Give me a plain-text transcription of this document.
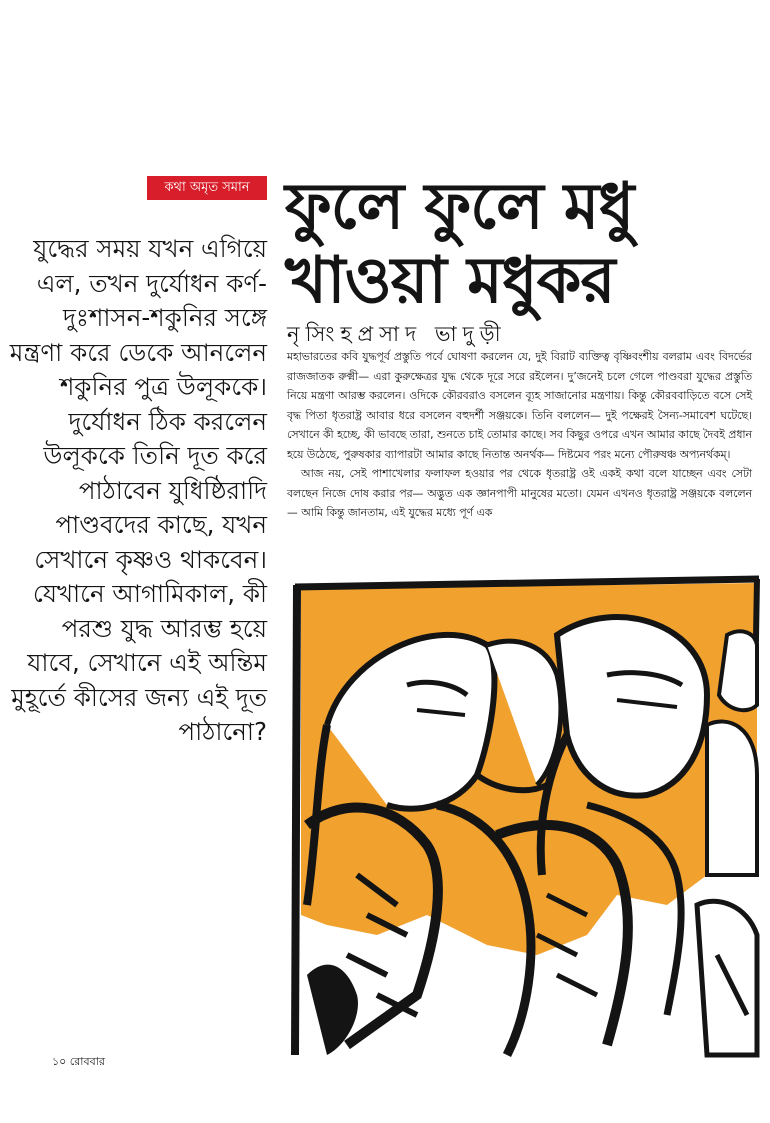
কথা অমৃত সমান ফুলে ফুলে মধু
খাওয়া মধুকর
নৃসিংহপ্রসাদ ভাদুড়ী

যুদ্ধের সময় যখন এগিয়ে এল, তখন দুর্যোধন কর্ণ-দুঃশাসন-শকুনির সঙ্গে মন্ত্রণা করে ডেকে আনলেন শকুনির পুত্র উলূককে। দুর্যোধন ঠিক করলেন উলূককে তিনি দূত করে পাঠাবেন যুধিষ্ঠিরাদি পাণ্ডবদের কাছে, যখন সেখানে কৃষ্ণও থাকবেন। যেখানে আগামিকাল, কী পরশু যুদ্ধ আরম্ভ হয়ে যাবে, সেখানে এই অন্তিম মুহূর্তে কীসের জন্য এই দূত পাঠানো?

মহাভারতের কবি যুদ্ধপূর্ব প্রস্তুতি পর্বে ঘোষণা করলেন যে, দুই বিরাট ব্যক্তিত্ব বৃষ্ণিবংশীয় বলরাম এবং বিদর্ভের রাজজাতক রুক্মী— এরা কুরুক্ষেত্রর যুদ্ধ থেকে দূরে সরে রইলেন। দু’জনেই চলে গেলে পাণ্ডবরা যুদ্ধের প্রস্তুতি নিয়ে মন্ত্রণা আরম্ভ করলেন। ওদিকে কৌরবরাও বসলেন ব্যূহ সাজানোর মন্ত্রণায়। কিন্তু কৌরববাড়িতে বসে সেই বৃদ্ধ পিতা ধৃতরাষ্ট্র আবার ধরে বসলেন বহুদর্শী সঞ্জয়কে। তিনি বললেন— দুই পক্ষেরই সৈন্য-সমাবেশ ঘটেছে। সেখানে কী হচ্ছে, কী ভাবছে তারা, শুনতে চাই তোমার কাছে। সব কিছুর ওপরে এখন আমার কাছে দৈবই প্রধান হয়ে উঠেছে, পুরুষকার ব্যাপারটা আমার কাছে নিতান্ত অনর্থক— দিষ্টমেব পরং মন্যে পৌরুষঞ্চ অপ্যনর্থকম্।

আজ নয়, সেই পাশাখেলার ফলাফল হওয়ার পর থেকে ধৃতরাষ্ট্র ওই একই কথা বলে যাচ্ছেন এবং সেটা বলছেন নিজে দোষ করার পর— অদ্ভুত এক জ্ঞানপাপী মানুষের মতো। যেমন এখনও ধৃতরাষ্ট্র সঞ্জয়কে বললেন— আমি কিন্তু জানতাম, এই যুদ্ধের মধ্যে পূর্ণ এক

১০ রোববার
